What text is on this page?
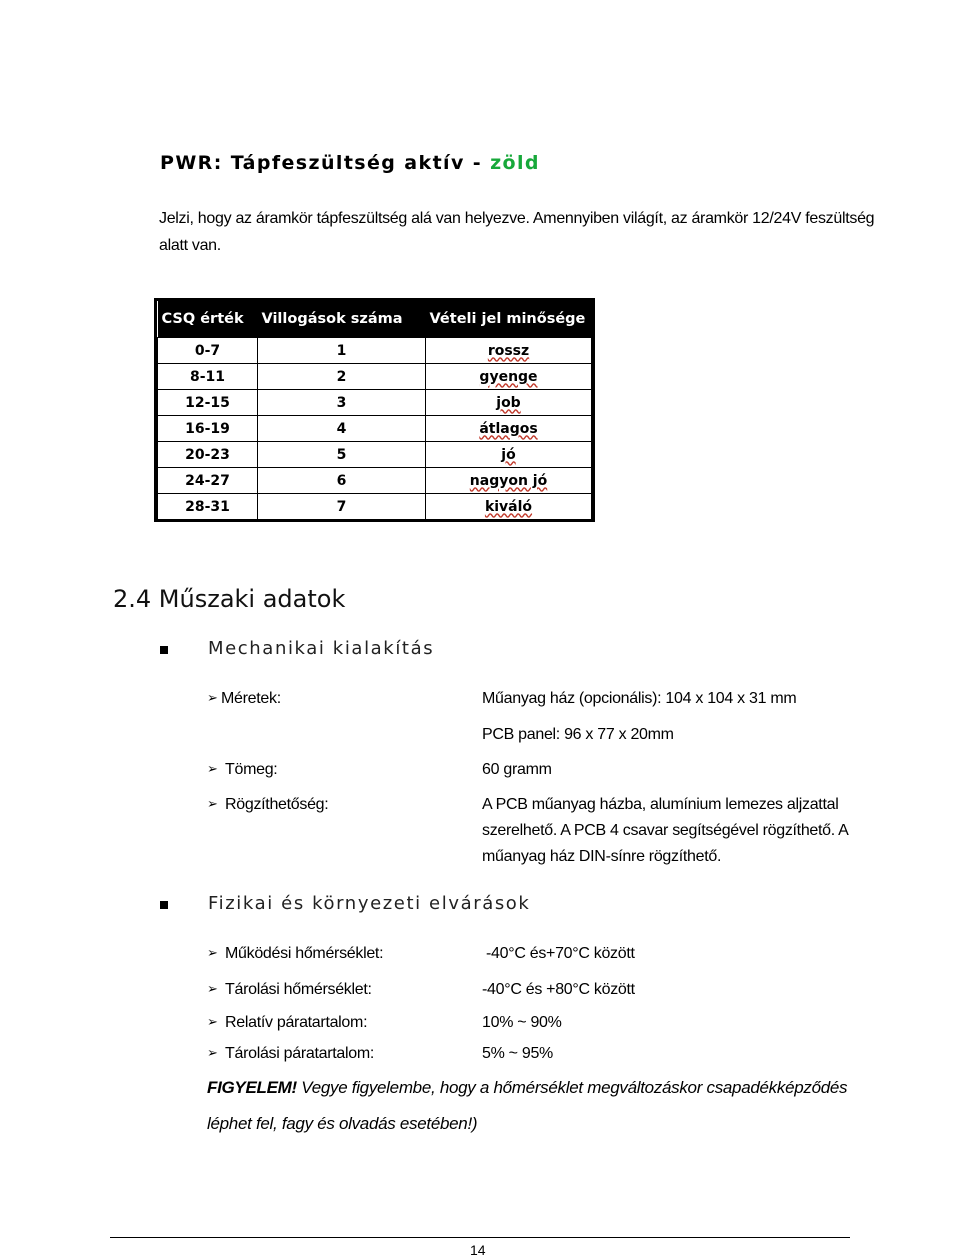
PWR: Tápfeszültség aktív - zöld
Jelzi, hogy az áramkör tápfeszültség alá van helyezve. Amennyiben világít, az áramkör 12/24V feszültség alatt van.
CSQ érték	Villogások száma	Vételi jel minősége
0-7	1	rossz
8-11	2	gyenge
12-15	3	job
16-19	4	átlagos
20-23	5	jó
24-27	6	nagyon jó
28-31	7	kiváló
2.4 Műszaki adatok
Mechanikai kialakítás
➢ Méretek:	Műanyag ház (opcionális): 104 x 104 x 31 mm
PCB panel: 96 x 77 x 20mm
➢ Tömeg:	60 gramm
➢ Rögzíthetőség:	A PCB műanyag házba, alumínium lemezes aljzattal szerelhető. A PCB 4 csavar segítségével rögzíthető. A műanyag ház DIN-sínre rögzíthető.
Fizikai és környezeti elvárások
➢ Működési hőmérséklet:	-40°C és+70°C között
➢ Tárolási hőmérséklet:	-40°C és +80°C között
➢ Relatív páratartalom:	10% ~ 90%
➢ Tárolási páratartalom:	5% ~ 95%
FIGYELEM! Vegye figyelembe, hogy a hőmérséklet megváltozáskor csapadékképződés
léphet fel, fagy és olvadás esetében!)
14
